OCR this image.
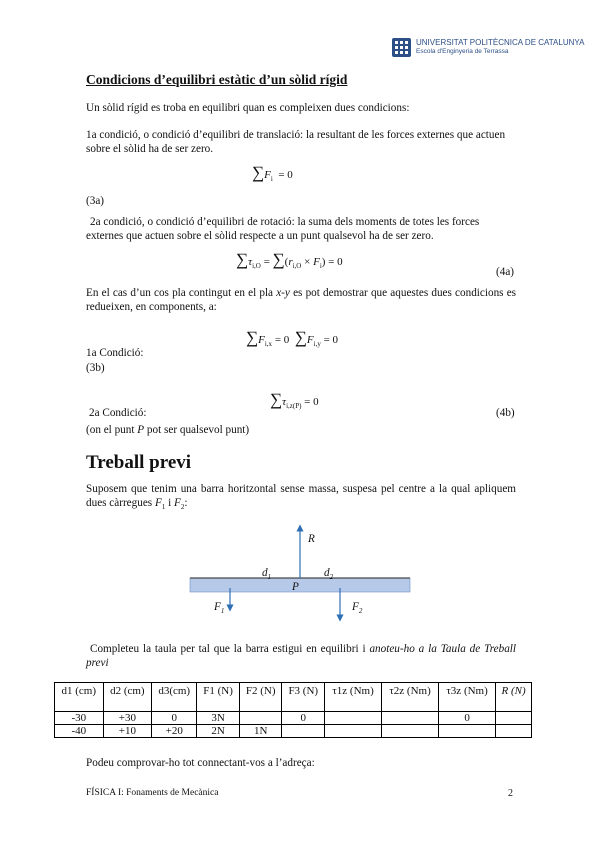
UNIVERSITAT POLITÈCNICA DE CATALUNYA
Escola d'Enginyeria de Terrassa
Condicions d’equilibri estàtic d’un sòlid rígid
Un sòlid rígid es troba en equilibri quan es compleixen dues condicions:
1a condició, o condició d’equilibri de translació: la resultant de les forces externes que actuen sobre el sòlid ha de ser zero.
$\sum F_i = 0$
(3a)
2a condició, o condició d’equilibri de rotació: la suma dels moments de totes les forces externes que actuen sobre el sòlid respecte a un punt qualsevol ha de ser zero.
$\sum\tau_{i,O} = \sum(r_{i,O} \times F_i) = 0$
(4a)
En el cas d’un cos pla contingut en el pla x-y es pot demostrar que aquestes dues condicions es redueixen, en components, a:
$\sum F_{i,x} = 0$  $\sum F_{i,y} = 0$
1a Condició:
(3b)
$\sum\tau_{i,z(P)} = 0$
2a Condició:	(4b)
(on el punt P pot ser qualsevol punt)
Treball previ
Suposem que tenim una barra horitzontal sense massa, suspesa pel centre a la qual apliquem dues càrregues $F_1$ i $F_2$:
R
$d_1$	$d_2$
P
$F_1$	$F_2$
Completeu la taula per tal que la barra estigui en equilibri i anoteu-ho a la Taula de Treball previ
d1 (cm)	d2 (cm)	d3(cm)	F1 (N)	F2 (N)	F3 (N)	τ1z (Nm)	τ2z (Nm)	τ3z (Nm)	R (N)
-30	+30	0	3N		0			0	
-40	+10	+20	2N	1N					
Podeu comprovar-ho tot connectant-vos a l’adreça:
FÍSICA I: Fonaments de Mecànica	2
